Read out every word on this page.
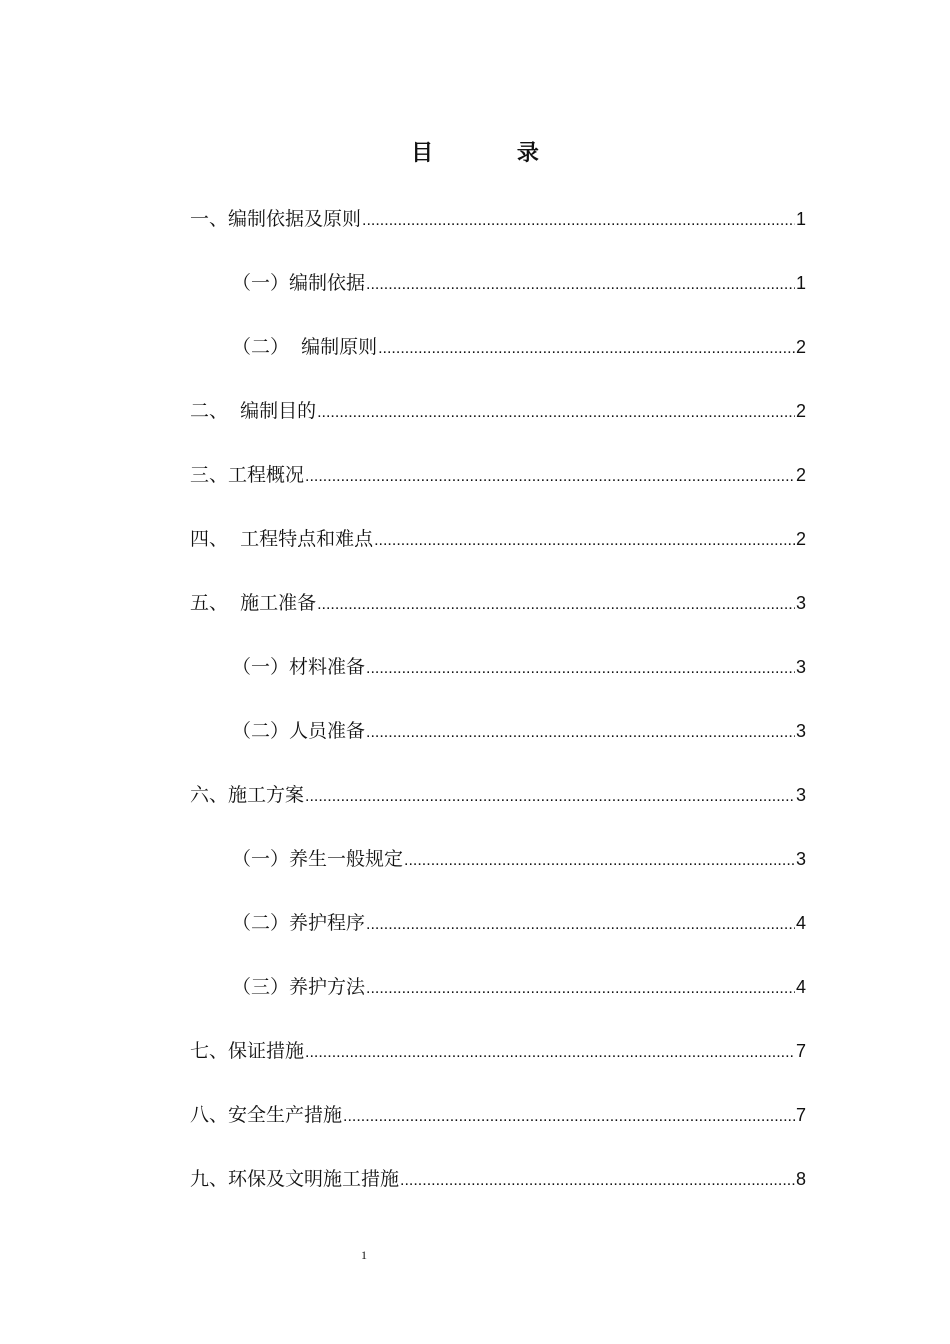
目 录
一、编制依据及原则 .....	1
（一）编制依据 .....	1
（二）  编制原则 .....	2
二、  编制目的 .....	2
三、工程概况 .....	2
四、  工程特点和难点 .....	2
五、  施工准备 .....	3
（一）材料准备 .....	3
（二）人员准备 .....	3
六、施工方案 .....	3
（一）养生一般规定 .....	3
（二）养护程序 .....	4
（三）养护方法 .....	4
七、保证措施 .....	7
八、安全生产措施 .....	7
九、环保及文明施工措施 .....	8
1
